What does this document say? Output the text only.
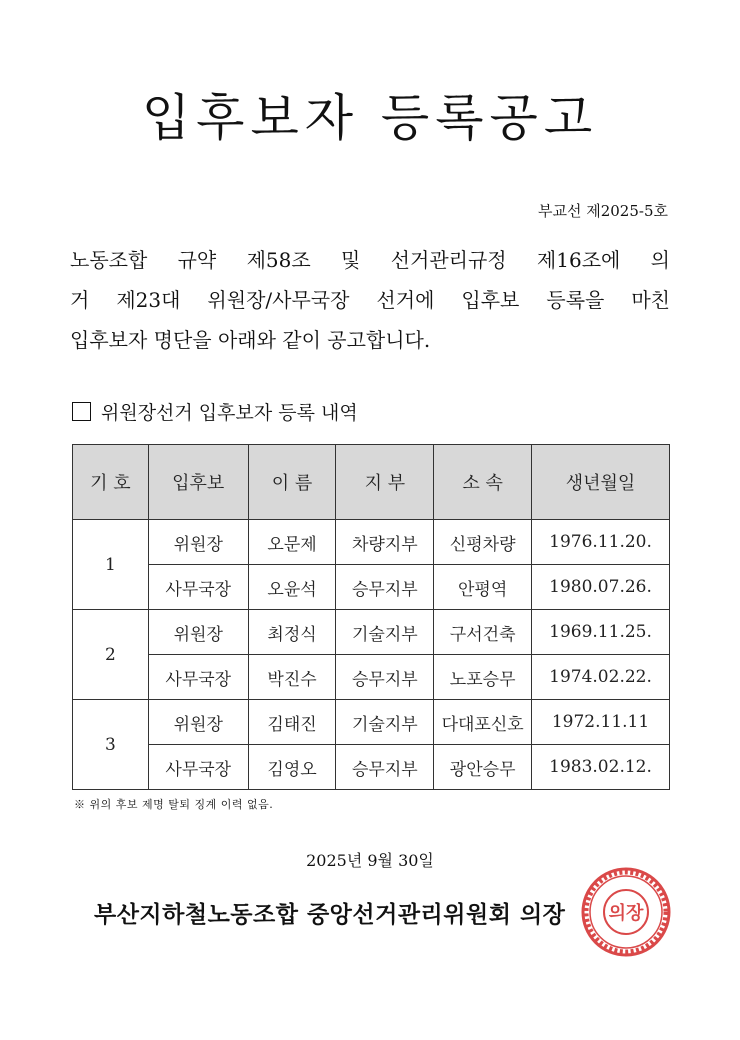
입후보자 등록공고
부교선 제2025-5호
노동조합 규약 제58조 및 선거관리규정 제16조에 의
거 제23대 위원장/사무국장 선거에 입후보 등록을 마친
입후보자 명단을 아래와 같이 공고합니다.
위원장선거 입후보자 등록 내역
기 호	입후보	이 름	지 부	소 속	생년월일
1	위원장	오문제	차량지부	신평차량	1976.11.20.
	사무국장	오윤석	승무지부	안평역	1980.07.26.
2	위원장	최정식	기술지부	구서건축	1969.11.25.
	사무국장	박진수	승무지부	노포승무	1974.02.22.
3	위원장	김태진	기술지부	다대포신호	1972.11.11
	사무국장	김영오	승무지부	광안승무	1983.02.12.
※ 위의 후보 제명 탈퇴 징계 이력 없음.
2025년 9월 30일
부산지하철노동조합 중앙선거관리위원회 의장 의장
